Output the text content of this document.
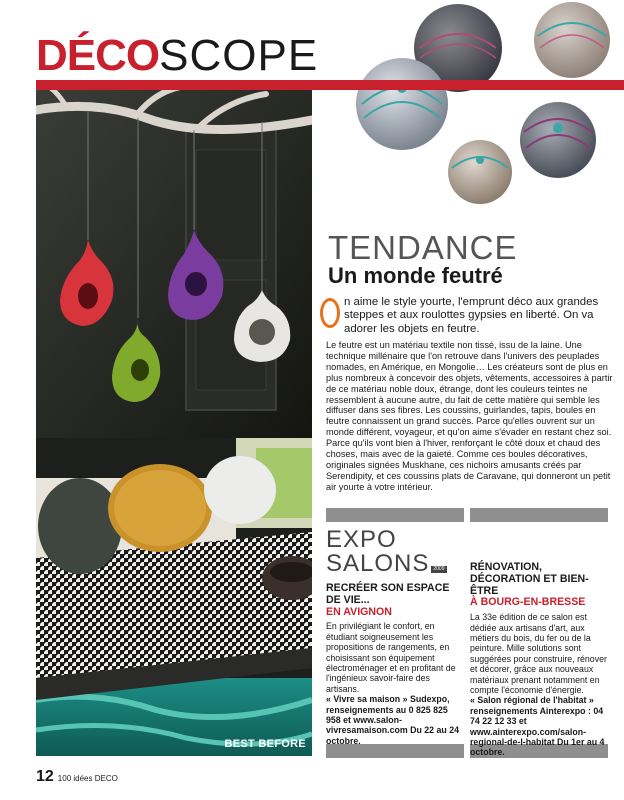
DÉCOSCOPE
BEST BEFORE
TENDANCE
Un monde feutré

n aime le style yourte, l'emprunt déco aux grandes steppes et aux roulottes gypsies en liberté. On va adorer les objets en feutre.

Le feutre est un matériau textile non tissé, issu de la laine. Une technique millénaire que l'on retrouve dans l'univers des peuplades nomades, en Amérique, en Mongolie… Les créateurs sont de plus en plus nombreux à concevoir des objets, vêtements, accessoires à partir de ce matériau noble doux, étrange, dont les couleurs teintes ne ressemblent à aucune autre, du fait de cette matière qui semble les diffuser dans ses fibres. Les coussins, guirlandes, tapis, boules en feutre connaissent un grand succès. Parce qu'elles ouvrent sur un monde différent, voyageur, et qu'on aime s'évader en restant chez soi. Parce qu'ils vont bien à l'hiver, renforçant le côté doux et chaud des choses, mais avec de la gaieté. Comme ces boules décoratives, originales signées Muskhane, ces nichoirs amusants créés par Serendipity, et ces coussins plats de Caravane, qui donneront un petit air yourte à votre intérieur.

EXPO
SALONS 2009
RECRÉER SON ESPACE DE VIE...
EN AVIGNON
En privilégiant le confort, en étudiant soigneusement les propositions de rangements, en choisissant son équipement électroménager et en profitant de l'ingénieux savoir-faire des artisans.
« Vivre sa maison » Sudexpo, renseignements au 0 825 825 958 et www.salon-vivresamaison.com Du 22 au 24 octobre.
RÉNOVATION, DÉCORATION ET BIEN-ÊTRE
À BOURG-EN-BRESSE
La 33e édition de ce salon est dédiée aux artisans d'art, aux métiers du bois, du fer ou de la peinture. Mille solutions sont suggérées pour construire, rénover et décorer, grâce aux nouveaux matériaux prenant notamment en compte l'économie d'énergie.
« Salon régional de l'habitat » renseignements Ainterexpo : 04 74 22 12 33 et www.ainterexpo.com/salon-regional-de-l-habitat Du 1er au 4 octobre.
12 100 idées DECO
